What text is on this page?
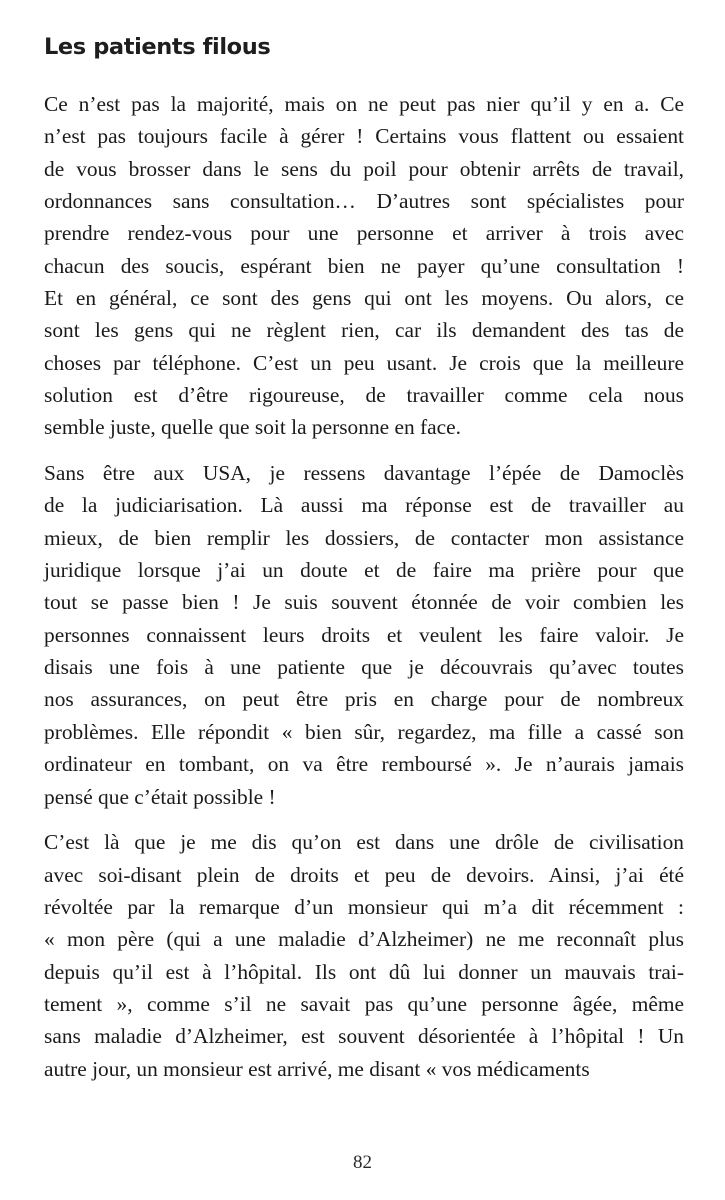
Les patients filous

Ce n’est pas la majorité, mais on ne peut pas nier qu’il y en a. Ce
n’est pas toujours facile à gérer ! Certains vous flattent ou essaient
de vous brosser dans le sens du poil pour obtenir arrêts de travail,
ordonnances sans consultation… D’autres sont spécialistes pour
prendre rendez-vous pour une personne et arriver à trois avec
chacun des soucis, espérant bien ne payer qu’une consultation !
Et en général, ce sont des gens qui ont les moyens. Ou alors, ce
sont les gens qui ne règlent rien, car ils demandent des tas de
choses par téléphone. C’est un peu usant. Je crois que la meilleure
solution est d’être rigoureuse, de travailler comme cela nous
semble juste, quelle que soit la personne en face.

Sans être aux USA, je ressens davantage l’épée de Damoclès
de la judiciarisation. Là aussi ma réponse est de travailler au
mieux, de bien remplir les dossiers, de contacter mon assistance
juridique lorsque j’ai un doute et de faire ma prière pour que
tout se passe bien ! Je suis souvent étonnée de voir combien les
personnes connaissent leurs droits et veulent les faire valoir. Je
disais une fois à une patiente que je découvrais qu’avec toutes
nos assurances, on peut être pris en charge pour de nombreux
problèmes. Elle répondit « bien sûr, regardez, ma fille a cassé son
ordinateur en tombant, on va être remboursé ». Je n’aurais jamais
pensé que c’était possible !

C’est là que je me dis qu’on est dans une drôle de civilisation
avec soi-disant plein de droits et peu de devoirs. Ainsi, j’ai été
révoltée par la remarque d’un monsieur qui m’a dit récemment :
« mon père (qui a une maladie d’Alzheimer) ne me reconnaît plus
depuis qu’il est à l’hôpital. Ils ont dû lui donner un mauvais trai-
tement », comme s’il ne savait pas qu’une personne âgée, même
sans maladie d’Alzheimer, est souvent désorientée à l’hôpital ! Un
autre jour, un monsieur est arrivé, me disant « vos médicaments

82
